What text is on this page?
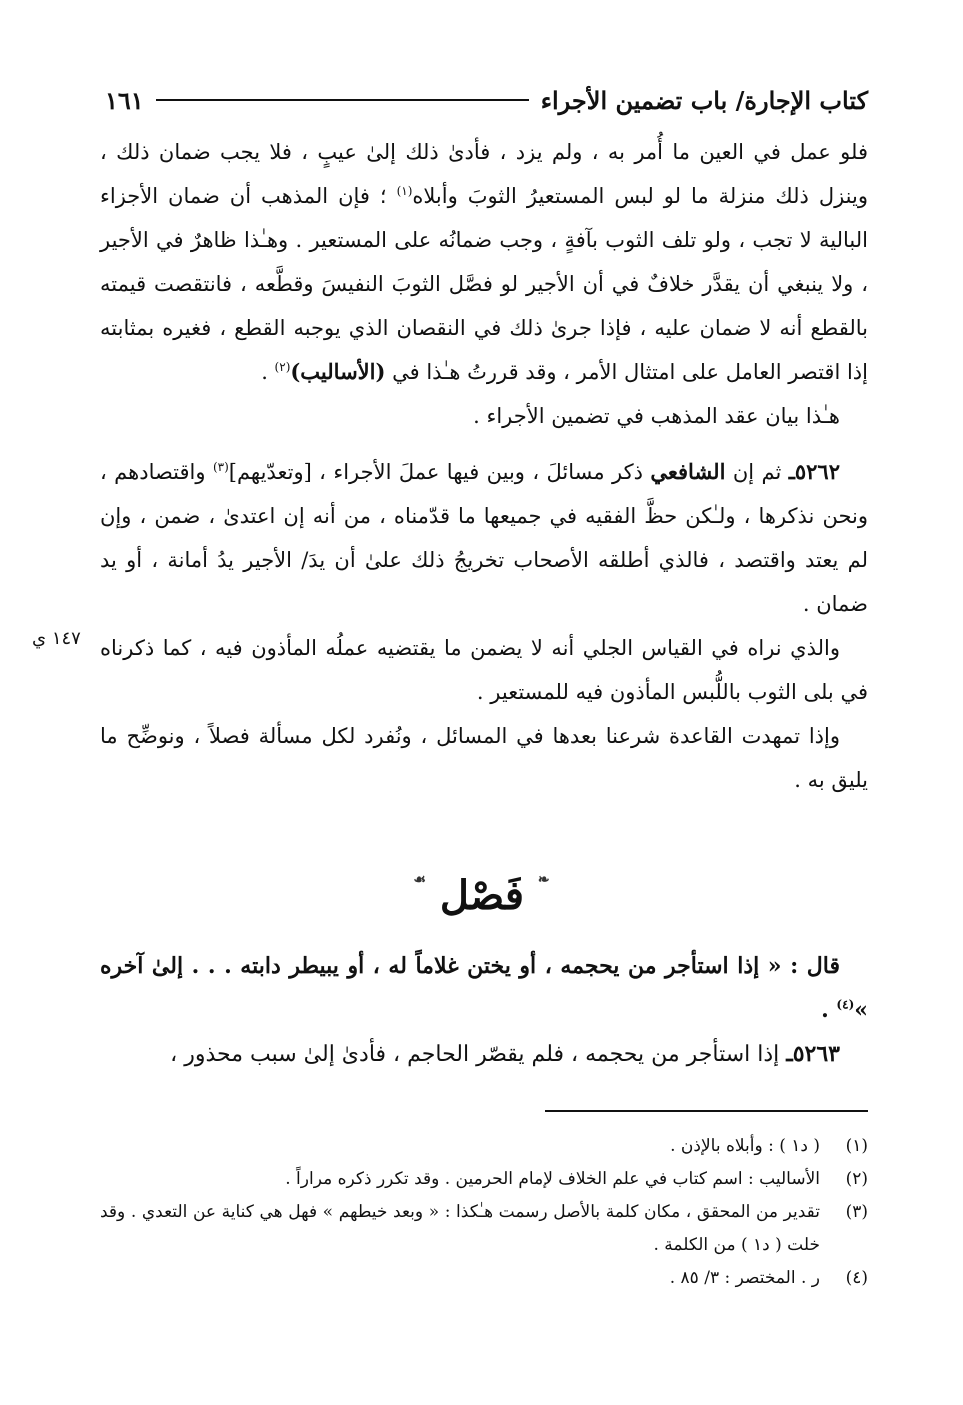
كتاب الإجارة/ باب تضمين الأجراء
١٦١
١٤٧ ي

فلو عمل في العين ما أُمر به ، ولم يزد ، فأدىٰ ذلك إلىٰ عيبٍ ، فلا يجب ضمان ذلك ، وينزل ذلك منزلة ما لو لبس المستعيرُ الثوبَ وأبلاه$^{(١)}$ ؛ فإن المذهب أن ضمان الأجزاء البالية لا تجب ، ولو تلف الثوب بآفةٍ ، وجب ضمانُه على المستعير . وهـٰذا ظاهرٌ في الأجير ، ولا ينبغي أن يقدَّر خلافٌ في أن الأجير لو فصَّل الثوبَ النفيسَ وقطَّعه ، فانتقصت قيمته بالقطع أنه لا ضمان عليه ، فإذا جرىٰ ذلك في النقصان الذي يوجبه القطع ، فغيره بمثابته إذا اقتصر العامل على امتثال الأمر ، وقد قررتُ هـٰذا في (الأساليب)$^{(٢)}$ .

هـٰذا بيان عقد المذهب في تضمين الأجراء .

٥٢٦٢ـ ثم إن الشافعي ذكر مسائلَ ، وبين فيها عملَ الأجراء ، [وتعدّيهم]$^{(٣)}$ واقتصادهم ، ونحن نذكرها ، ولـٰكن حظَّ الفقيه في جميعها ما قدّمناه ، من أنه إن اعتدىٰ ، ضمن ، وإن لم يعتد واقتصد ، فالذي أطلقه الأصحاب تخريجُ ذلك علىٰ أن يدَ/ الأجير يدُ أمانة ، أو يد ضمان .

والذي نراه في القياس الجلي أنه لا يضمن ما يقتضيه عملُه المأذون فيه ، كما ذكرناه في بلى الثوب باللُّبس المأذون فيه للمستعير .

وإذا تمهدت القاعدة شرعنا بعدها في المسائل ، ونُفرد لكل مسألة فصلاً ، ونوضِّح ما يليق به .

❧ فَصْل ☙

قال : « إذا استأجر من يحجمه ، أو يختن غلاماً له ، أو يبيطر دابته . . . إلىٰ آخره »$^{(٤)}$ .

٥٢٦٣ـ إذا استأجر من يحجمه ، فلم يقصّر الحاجم ، فأدىٰ إلىٰ سبب محذور ،

(١)
( د١ ) : وأبلاه بالإذن .
(٢)
الأساليب : اسم كتاب في علم الخلاف لإمام الحرمين . وقد تكرر ذكره مراراً .
(٣)
تقدير من المحقق ، مكان كلمة بالأصل رسمت هـٰكذا : « وبعد خيطهم » فهل هي كناية عن التعدي . وقد خلت ( د١ ) من الكلمة .
(٤)
ر . المختصر : ٣/ ٨٥ .
